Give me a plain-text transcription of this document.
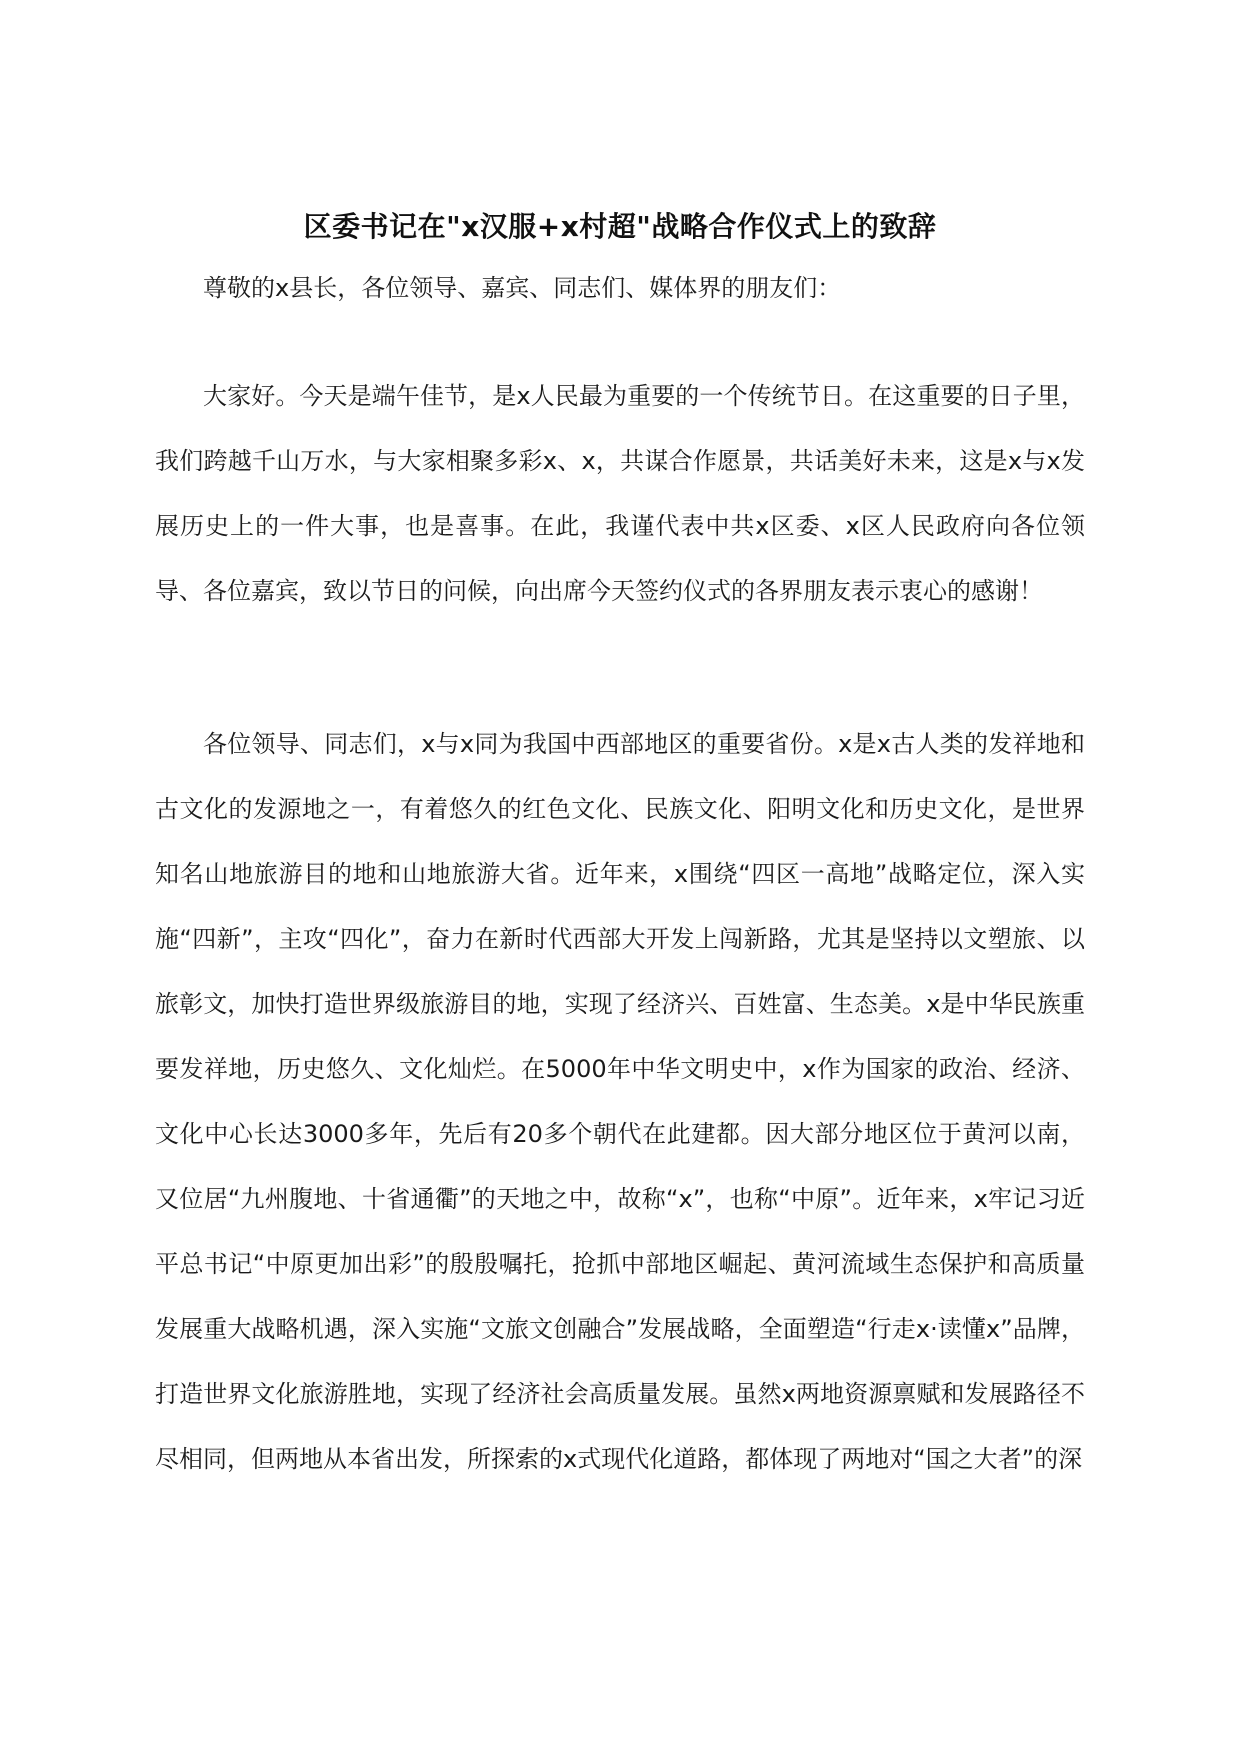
区委书记在"x汉服+x村超"战略合作仪式上的致辞

尊敬的x县长，各位领导、嘉宾、同志们、媒体界的朋友们：

大家好。今天是端午佳节，是x人民最为重要的一个传统节日。在这重要的日子里，我们跨越千山万水，与大家相聚多彩x、x，共谋合作愿景，共话美好未来，这是x与x发展历史上的一件大事，也是喜事。在此，我谨代表中共x区委、x区人民政府向各位领导、各位嘉宾，致以节日的问候，向出席今天签约仪式的各界朋友表示衷心的感谢！

各位领导、同志们，x与x同为我国中西部地区的重要省份。x是x古人类的发祥地和古文化的发源地之一，有着悠久的红色文化、民族文化、阳明文化和历史文化，是世界知名山地旅游目的地和山地旅游大省。近年来，x围绕“四区一高地”战略定位，深入实施“四新”，主攻“四化”，奋力在新时代西部大开发上闯新路，尤其是坚持以文塑旅、以旅彰文，加快打造世界级旅游目的地，实现了经济兴、百姓富、生态美。x是中华民族重要发祥地，历史悠久、文化灿烂。在5000年中华文明史中，x作为国家的政治、经济、文化中心长达3000多年，先后有20多个朝代在此建都。因大部分地区位于黄河以南，又位居“九州腹地、十省通衢”的天地之中，故称“x”，也称“中原”。近年来，x牢记习近平总书记“中原更加出彩”的殷殷嘱托，抢抓中部地区崛起、黄河流域生态保护和高质量发展重大战略机遇，深入实施“文旅文创融合”发展战略，全面塑造“行走x·读懂x”品牌，打造世界文化旅游胜地，实现了经济社会高质量发展。虽然x两地资源禀赋和发展路径不尽相同，但两地从本省出发，所探索的x式现代化道路，都体现了两地对“国之大者”的深
